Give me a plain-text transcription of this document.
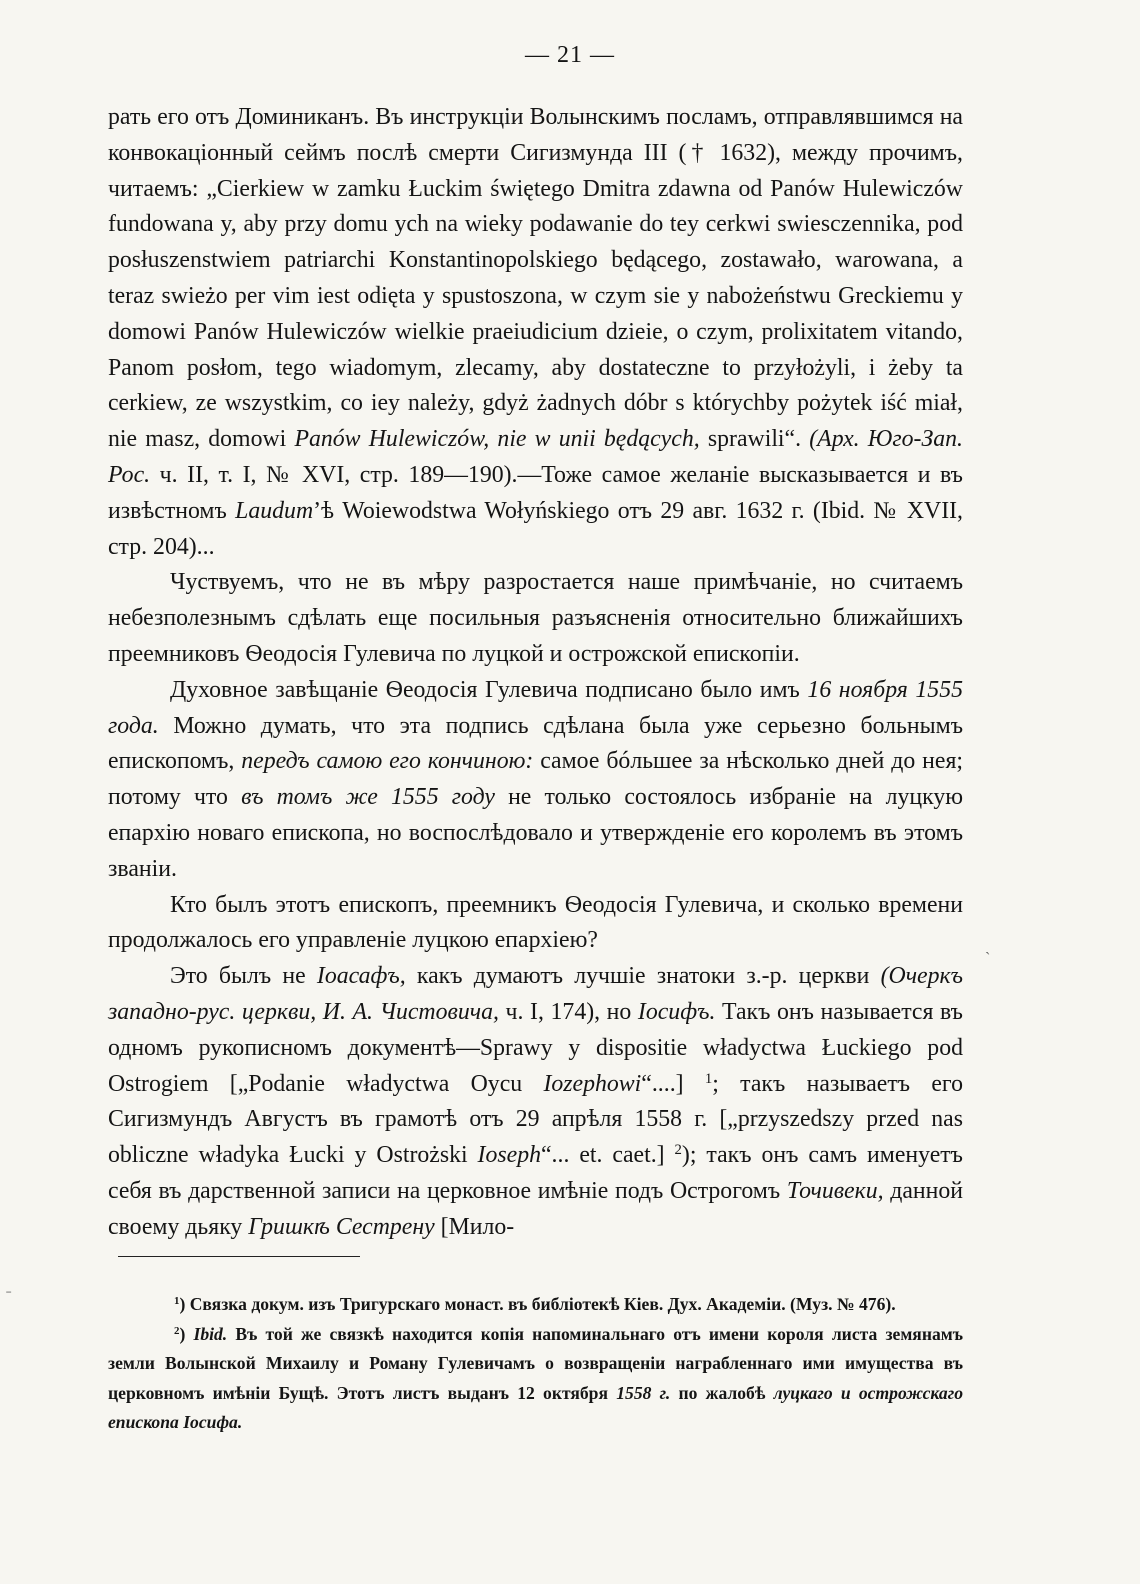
— 21 —

рать его отъ Доминиканъ. Въ инструкціи Волынскимъ посламъ, отправлявшимся на конвокаціонный сеймъ послѣ смерти Сигизмунда III († 1632), между прочимъ, читаемъ: „Cierkiew w zamku Łuckim świętego Dmitra zdawna od Panów Hulewiczów fundowana y, aby przy domu ych na wieky podawanie do tey cerkwi swiesczennika, pod posłuszenstwiem patriarchi Konstantinopolskiego będącego, zostawało, warowana, a teraz swieżo per vim iest odięta y spustoszona, w czym sie y nabożeństwu Greckiemu y domowi Panów Hulewiczów wielkie praeiudicium dzieie, o czym, prolixitatem vitando, Panom posłom, tego wiadomym, zlecamy, aby dostateczne to przyłożyli, i żeby ta cerkiew, ze wszystkim, co iey należy, gdyż żadnych dóbr s którychby pożytek iść miał, nie masz, domowi Panów Hulewiczów, nie w unii będących, sprawili“. (Арх. Юго-Зап. Рос. ч. II, т. I, № XVI, стр. 189—190).—Тоже самое желаніе высказывается и въ извѣстномъ Laudum’ѣ Woiewodstwa Wołyńskiego отъ 29 авг. 1632 г. (Ibid. № XVII, стр. 204)...

Чуствуемъ, что не въ мѣру разростается наше примѣчаніе, но считаемъ небезполезнымъ сдѣлать еще посильныя разъясненія относительно ближайшихъ преемниковъ Ѳеодосія Гулевича по луцкой и острожской епископіи.

Духовное завѣщаніе Ѳеодосія Гулевича подписано было имъ 16 ноября 1555 года. Можно думать, что эта подпись сдѣлана была уже серьезно больнымъ епископомъ, передъ самою его кончиною: самое бóльшее за нѣсколько дней до нея; потому что въ томъ же 1555 году не только состоялось избраніе на луцкую епархію новаго епископа, но воспослѣдовало и утвержденіе его королемъ въ этомъ званіи.

Кто былъ этотъ епископъ, преемникъ Ѳеодосія Гулевича, и сколько времени продолжалось его управленіе луцкою епархіею?

Это былъ не Іоасафъ, какъ думаютъ лучшіе знатоки з.-р. церкви (Очеркъ западно-рус. церкви, И. А. Чистовича, ч. I, 174), но Іосифъ. Такъ онъ называется въ одномъ рукописномъ документѣ—Sprawy y dispositie władyctwa Łuckiego pod Ostrogiem [„Podanie władyctwa Oycu Iozephowi“....] $^1$; такъ называетъ его Сигизмундъ Августъ въ грамотѣ отъ 29 апрѣля 1558 г. [„przyszedszy przed nas obliczne władyka Łucki y Ostrożski Ioseph“... et. caet.] $^2$); такъ онъ самъ именуетъ себя въ дарственной записи на церковное имѣніе подъ Острогомъ Точивеки, данной своему дьяку Гришкѣ Сестрену [Мило-

$^1$) Связка докум. изъ Тригурскаго монаст. въ библіотекѣ Кіев. Дух. Академіи. (Муз. № 476).

$^2$) Ibid. Въ той же связкѣ находится копія напоминальнаго отъ имени короля листа земянамъ земли Волынской Михаилу и Роману Гулевичамъ о возвращеніи награбленнаго ими имущества въ церковномъ имѣніи Бущѣ. Этотъ листъ выданъ 12 октября 1558 г. по жалобѣ луцкаго и острожскаго епископа Іосифа.

ˏ
˗
